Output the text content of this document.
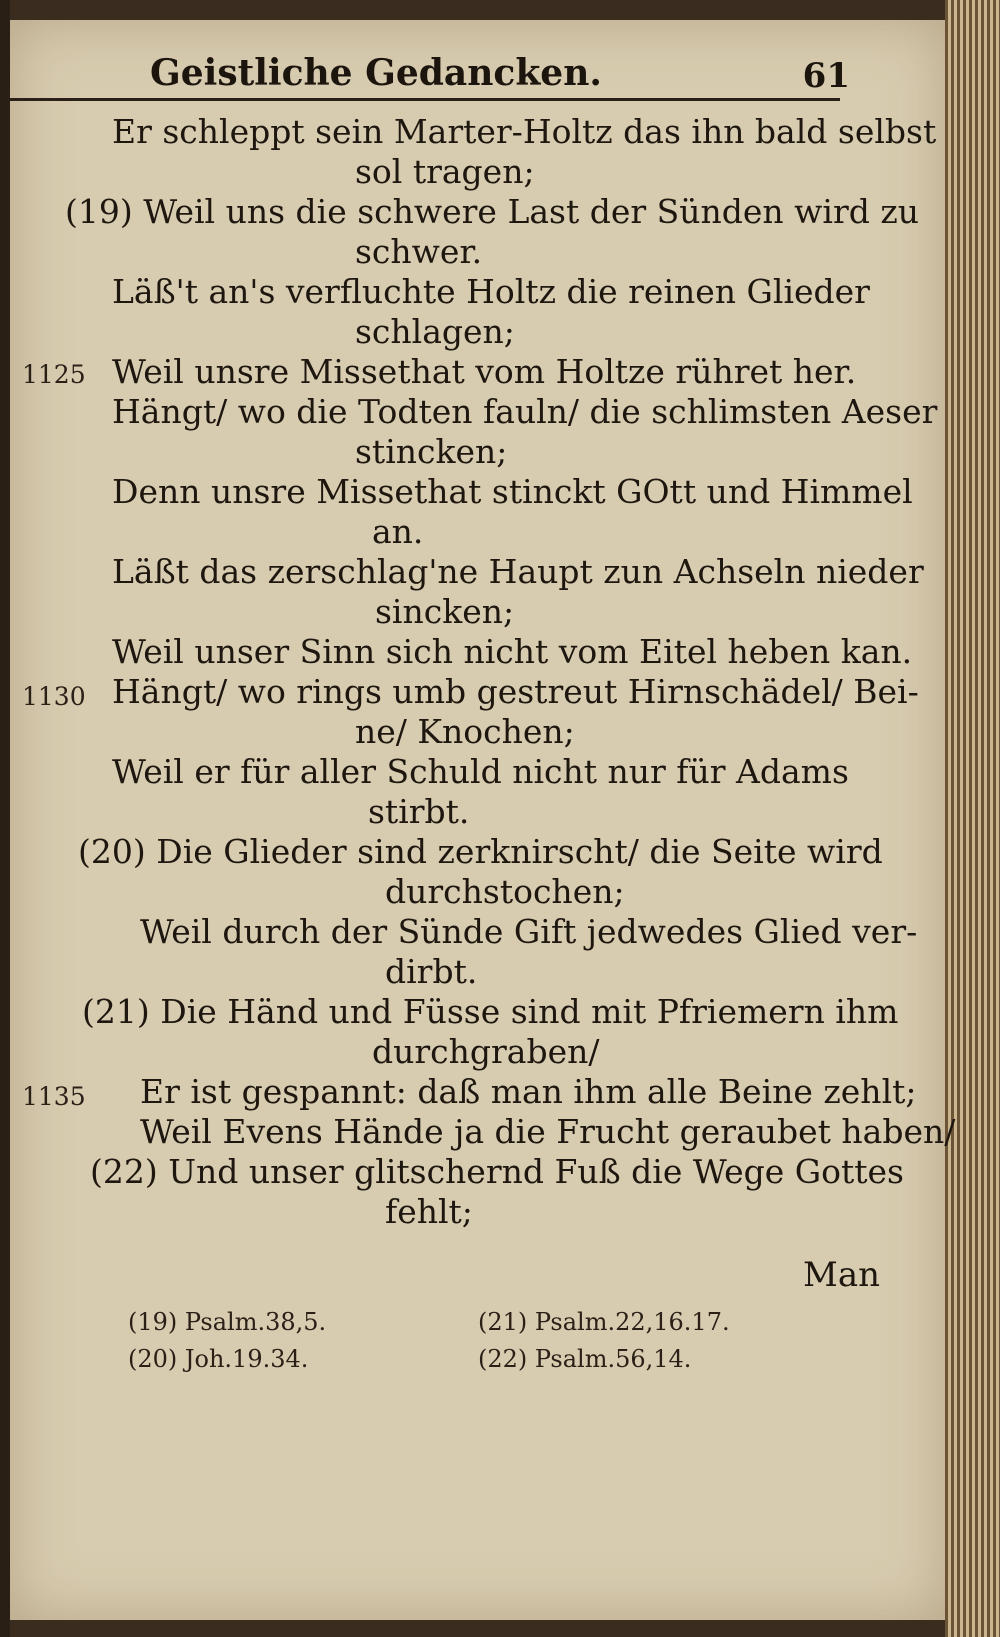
Geistliche Gedancken.	61
Er schleppt sein Marter-Holtz das ihn bald selbst
sol tragen;
(19) Weil uns die schwere Last der Sünden wird zu
schwer.
Läß't an's verfluchte Holtz die reinen Glieder
schlagen;
Weil unsre Missethat vom Holtze rühret her.
Hängt/ wo die Todten fauln/ die schlimsten Aeser
stincken;
Denn unsre Missethat stinckt GOtt und Himmel
an.
Läßt das zerschlag'ne Haupt zun Achseln nieder
sincken;
Weil unser Sinn sich nicht vom Eitel heben kan.
Hängt/ wo rings umb gestreut Hirnschädel/ Bei-
ne/ Knochen;
Weil er für aller Schuld nicht nur für Adams
stirbt.
(20) Die Glieder sind zerknirscht/ die Seite wird
durchstochen;
Weil durch der Sünde Gift jedwedes Glied ver-
dirbt.
(21) Die Händ und Füsse sind mit Pfriemern ihm
durchgraben/
Er ist gespannt: daß man ihm alle Beine zehlt;
Weil Evens Hände ja die Frucht geraubet haben/
(22) Und unser glitschernd Fuß die Wege Gottes
fehlt;
1125
1130
1135
Man
(19) Psalm.38,5.
(20) Joh.19.34.
(21) Psalm.22,16.17.
(22) Psalm.56,14.
